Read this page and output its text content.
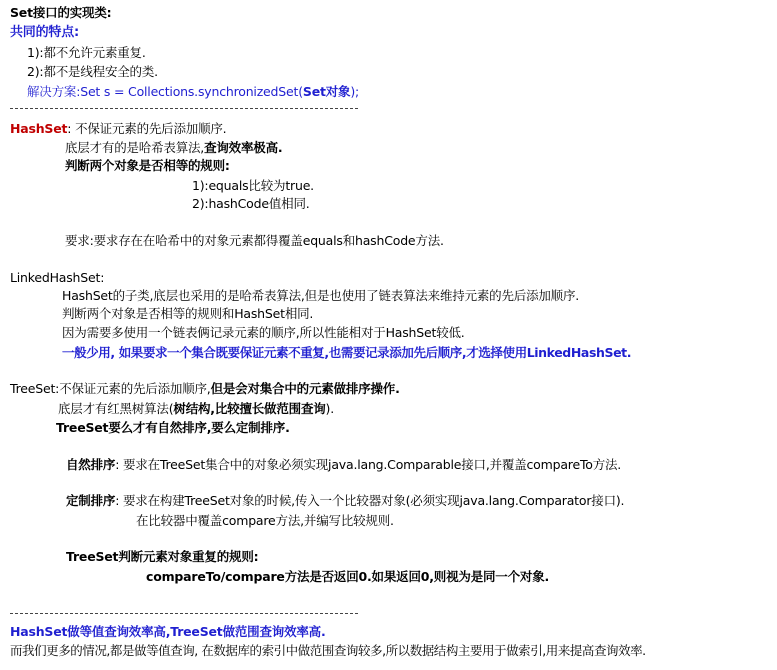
Set接口的实现类:
共同的特点:
1):都不允许元素重复.
2):都不是线程安全的类.
解决方案:Set s = Collections.synchronizedSet(Set对象);
HashSet: 不保证元素的先后添加顺序.
底层才有的是哈希表算法,查询效率极高.
判断两个对象是否相等的规则:
1):equals比较为true.
2):hashCode值相同.
要求:要求存在在哈希中的对象元素都得覆盖equals和hashCode方法.
LinkedHashSet:
HashSet的子类,底层也采用的是哈希表算法,但是也使用了链表算法来维持元素的先后添加顺序.
判断两个对象是否相等的规则和HashSet相同.
因为需要多使用一个链表俩记录元素的顺序,所以性能相对于HashSet较低.
一般少用, 如果要求一个集合既要保证元素不重复,也需要记录添加先后顺序,才选择使用LinkedHashSet.
TreeSet:不保证元素的先后添加顺序,但是会对集合中的元素做排序操作.
底层才有红黑树算法(树结构,比较擅长做范围查询).
TreeSet要么才有自然排序,要么定制排序.
自然排序: 要求在TreeSet集合中的对象必须实现java.lang.Comparable接口,并覆盖compareTo方法.
定制排序: 要求在构建TreeSet对象的时候,传入一个比较器对象(必须实现java.lang.Comparator接口).
在比较器中覆盖compare方法,并编写比较规则.
TreeSet判断元素对象重复的规则:
compareTo/compare方法是否返回0.如果返回0,则视为是同一个对象.
HashSet做等值查询效率高,TreeSet做范围查询效率高.
而我们更多的情况,都是做等值查询, 在数据库的索引中做范围查询较多,所以数据结构主要用于做索引,用来提高查询效率.
